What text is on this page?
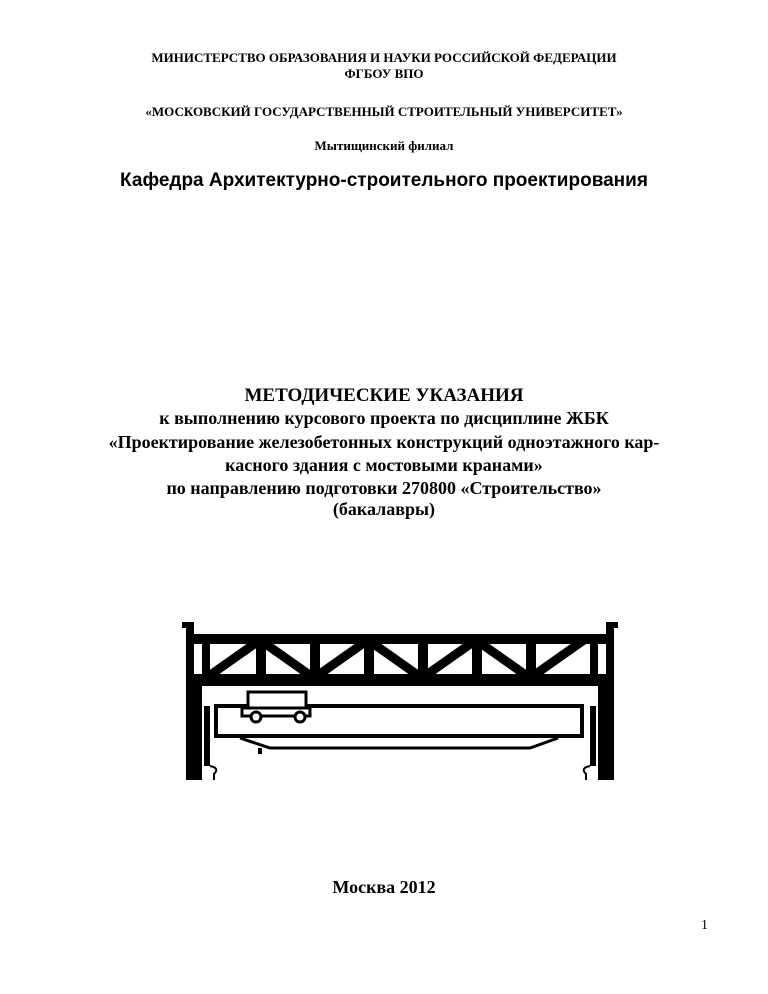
МИНИСТЕРСТВО ОБРАЗОВАНИЯ И НАУКИ РОССИЙСКОЙ ФЕДЕРАЦИИ
ФГБОУ ВПО
«МОСКОВСКИЙ ГОСУДАРСТВЕННЫЙ СТРОИТЕЛЬНЫЙ УНИВЕРСИТЕТ»
Мытищинский филиал
Кафедра Архитектурно-строительного проектирования
МЕТОДИЧЕСКИЕ УКАЗАНИЯ
к выполнению курсового проекта по дисциплине ЖБК
«Проектирование железобетонных конструкций одноэтажного кар-
касного здания с мостовыми кранами»
по направлению подготовки 270800 «Строительство»
(бакалавры)
Москва 2012
1
